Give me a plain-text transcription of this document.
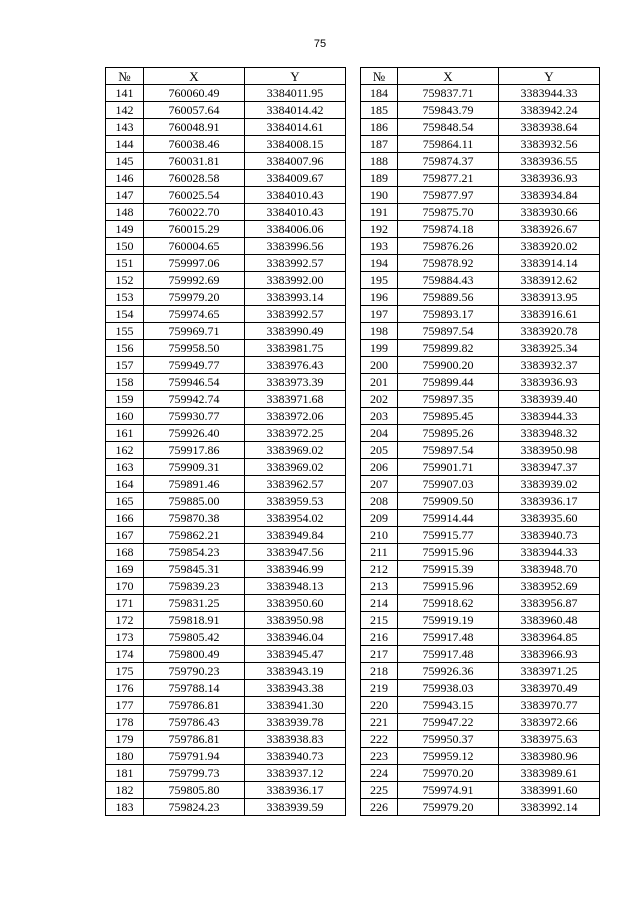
75
№	X	Y		№	X	Y
141	760060.49	3384011.95		184	759837.71	3383944.33
142	760057.64	3384014.42		185	759843.79	3383942.24
143	760048.91	3384014.61		186	759848.54	3383938.64
144	760038.46	3384008.15		187	759864.11	3383932.56
145	760031.81	3384007.96		188	759874.37	3383936.55
146	760028.58	3384009.67		189	759877.21	3383936.93
147	760025.54	3384010.43		190	759877.97	3383934.84
148	760022.70	3384010.43		191	759875.70	3383930.66
149	760015.29	3384006.06		192	759874.18	3383926.67
150	760004.65	3383996.56		193	759876.26	3383920.02
151	759997.06	3383992.57		194	759878.92	3383914.14
152	759992.69	3383992.00		195	759884.43	3383912.62
153	759979.20	3383993.14		196	759889.56	3383913.95
154	759974.65	3383992.57		197	759893.17	3383916.61
155	759969.71	3383990.49		198	759897.54	3383920.78
156	759958.50	3383981.75		199	759899.82	3383925.34
157	759949.77	3383976.43		200	759900.20	3383932.37
158	759946.54	3383973.39		201	759899.44	3383936.93
159	759942.74	3383971.68		202	759897.35	3383939.40
160	759930.77	3383972.06		203	759895.45	3383944.33
161	759926.40	3383972.25		204	759895.26	3383948.32
162	759917.86	3383969.02		205	759897.54	3383950.98
163	759909.31	3383969.02		206	759901.71	3383947.37
164	759891.46	3383962.57		207	759907.03	3383939.02
165	759885.00	3383959.53		208	759909.50	3383936.17
166	759870.38	3383954.02		209	759914.44	3383935.60
167	759862.21	3383949.84		210	759915.77	3383940.73
168	759854.23	3383947.56		211	759915.96	3383944.33
169	759845.31	3383946.99		212	759915.39	3383948.70
170	759839.23	3383948.13		213	759915.96	3383952.69
171	759831.25	3383950.60		214	759918.62	3383956.87
172	759818.91	3383950.98		215	759919.19	3383960.48
173	759805.42	3383946.04		216	759917.48	3383964.85
174	759800.49	3383945.47		217	759917.48	3383966.93
175	759790.23	3383943.19		218	759926.36	3383971.25
176	759788.14	3383943.38		219	759938.03	3383970.49
177	759786.81	3383941.30		220	759943.15	3383970.77
178	759786.43	3383939.78		221	759947.22	3383972.66
179	759786.81	3383938.83		222	759950.37	3383975.63
180	759791.94	3383940.73		223	759959.12	3383980.96
181	759799.73	3383937.12		224	759970.20	3383989.61
182	759805.80	3383936.17		225	759974.91	3383991.60
183	759824.23	3383939.59		226	759979.20	3383992.14
